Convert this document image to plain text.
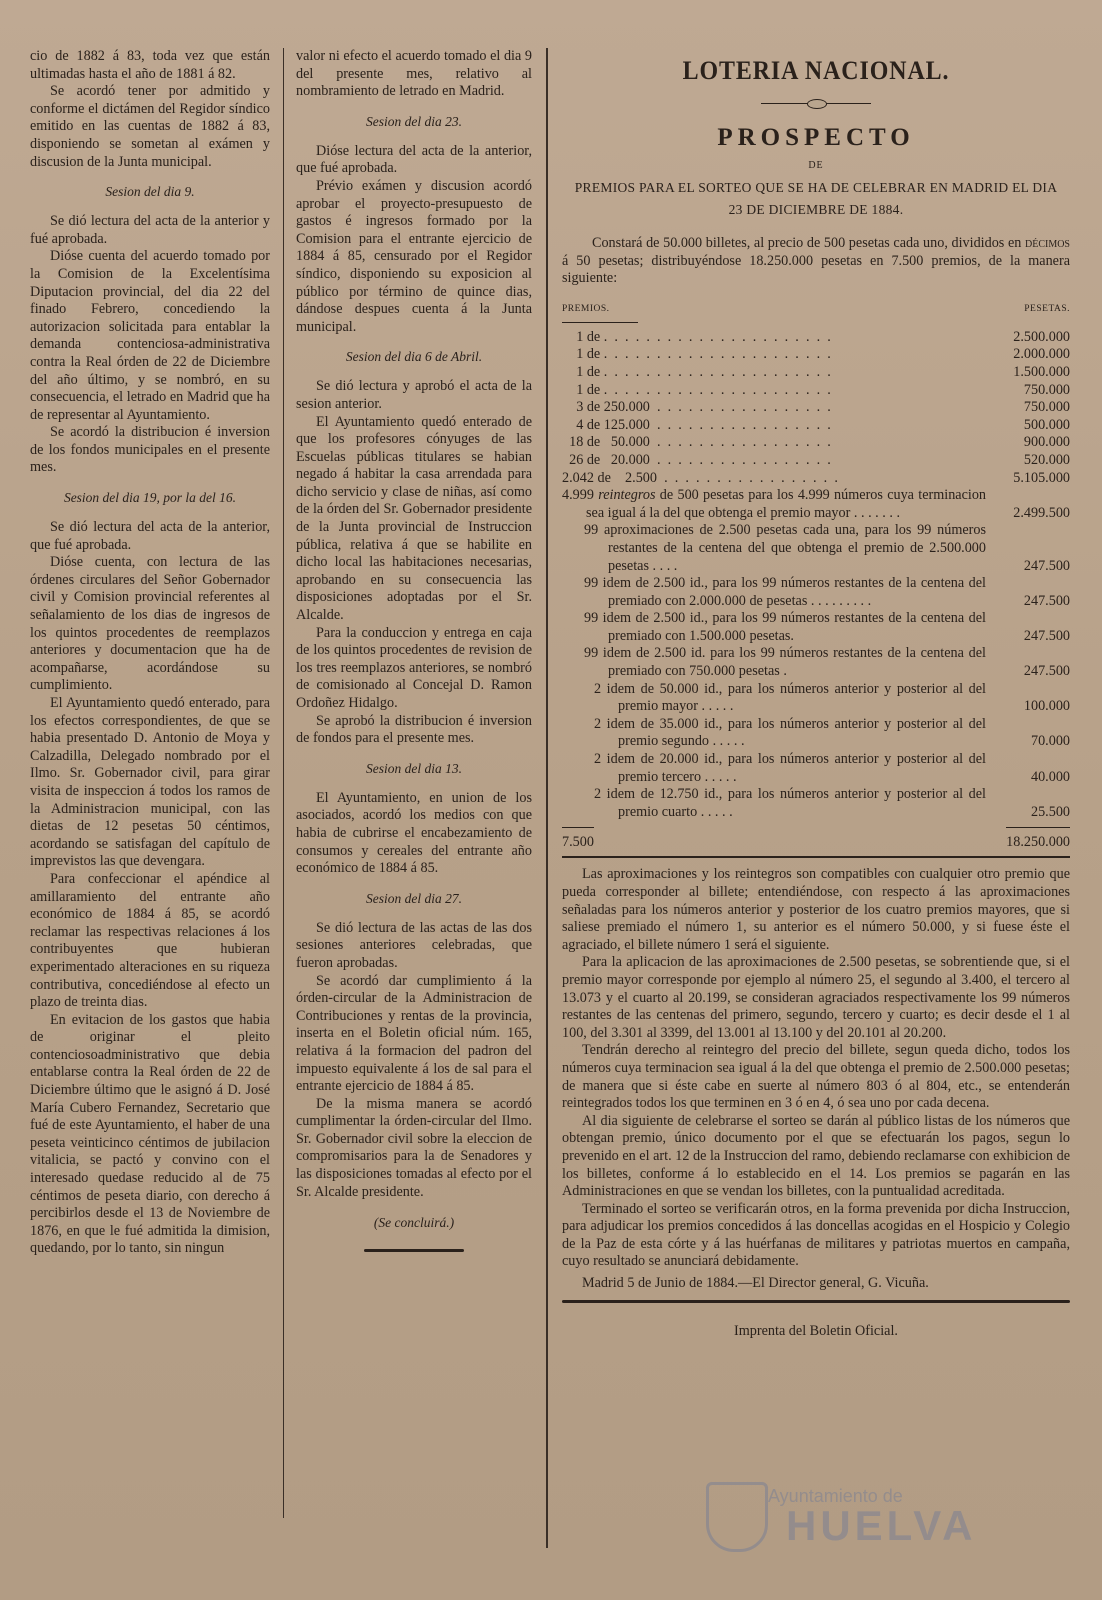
cio de 1882 á 83, toda vez que están ultimadas hasta el año de 1881 á 82.

Se acordó tener por admitido y conforme el dictámen del Regidor síndico emitido en las cuentas de 1882 á 83, disponiendo se sometan al exámen y discusion de la Junta municipal.

Sesion del dia 9.

Se dió lectura del acta de la anterior y fué aprobada.

Dióse cuenta del acuerdo tomado por la Comision de la Excelentísima Diputacion provincial, del dia 22 del finado Febrero, concediendo la autorizacion solicitada para entablar la demanda contenciosa-administrativa contra la Real órden de 22 de Diciembre del año último, y se nombró, en su consecuencia, el letrado en Madrid que ha de representar al Ayuntamiento.

Se acordó la distribucion é inversion de los fondos municipales en el presente mes.

Sesion del dia 19, por la del 16.

Se dió lectura del acta de la anterior, que fué aprobada.

Dióse cuenta, con lectura de las órdenes circulares del Señor Gobernador civil y Comision provincial referentes al señalamiento de los dias de ingresos de los quintos procedentes de reemplazos anteriores y documentacion que ha de acompañarse, acordándose su cumplimiento.

El Ayuntamiento quedó enterado, para los efectos correspondientes, de que se habia presentado D. Antonio de Moya y Calzadilla, Delegado nombrado por el Ilmo. Sr. Gobernador civil, para girar visita de inspeccion á todos los ramos de la Administracion municipal, con las dietas de 12 pesetas 50 céntimos, acordando se satisfagan del capítulo de imprevistos las que devengara.

Para confeccionar el apéndice al amillaramiento del entrante año económico de 1884 á 85, se acordó reclamar las respectivas relaciones á los contribuyentes que hubieran experimentado alteraciones en su riqueza contributiva, concediéndose al efecto un plazo de treinta dias.

En evitacion de los gastos que habia de originar el pleito contenciosoadministrativo que debia entablarse contra la Real órden de 22 de Diciembre último que le asignó á D. José María Cubero Fernandez, Secretario que fué de este Ayuntamiento, el haber de una peseta veinticinco céntimos de jubilacion vitalicia, se pactó y convino con el interesado quedase reducido al de 75 céntimos de peseta diario, con derecho á percibirlos desde el 13 de Noviembre de 1876, en que le fué admitida la dimision, quedando, por lo tanto, sin ningun

valor ni efecto el acuerdo tomado el dia 9 del presente mes, relativo al nombramiento de letrado en Madrid.

Sesion del dia 23.

Dióse lectura del acta de la anterior, que fué aprobada.

Prévio exámen y discusion acordó aprobar el proyecto-presupuesto de gastos é ingresos formado por la Comision para el entrante ejercicio de 1884 á 85, censurado por el Regidor síndico, disponiendo su exposicion al público por término de quince dias, dándose despues cuenta á la Junta municipal.

Sesion del dia 6 de Abril.

Se dió lectura y aprobó el acta de la sesion anterior.

El Ayuntamiento quedó enterado de que los profesores cónyuges de las Escuelas públicas titulares se habian negado á habitar la casa arrendada para dicho servicio y clase de niñas, así como de la órden del Sr. Gobernador presidente de la Junta provincial de Instruccion pública, relativa á que se habilite en dicho local las habitaciones necesarias, aprobando en su consecuencia las disposiciones adoptadas por el Sr. Alcalde.

Para la conduccion y entrega en caja de los quintos procedentes de revision de los tres reemplazos anteriores, se nombró de comisionado al Concejal D. Ramon Ordoñez Hidalgo.

Se aprobó la distribucion é inversion de fondos para el presente mes.

Sesion del dia 13.

El Ayuntamiento, en union de los asociados, acordó los medios con que habia de cubrirse el encabezamiento de consumos y cereales del entrante año económico de 1884 á 85.

Sesion del dia 27.

Se dió lectura de las actas de las dos sesiones anteriores celebradas, que fueron aprobadas.

Se acordó dar cumplimiento á la órden-circular de la Administracion de Contribuciones y rentas de la provincia, inserta en el Boletin oficial núm. 165, relativa á la formacion del padron del impuesto equivalente á los de sal para el entrante ejercicio de 1884 á 85.

De la misma manera se acordó cumplimentar la órden-circular del Ilmo. Sr. Gobernador civil sobre la eleccion de compromisarios para la de Senadores y las disposiciones tomadas al efecto por el Sr. Alcalde presidente.

(Se concluirá.)
LOTERIA NACIONAL.
PROSPECTO
DE
PREMIOS PARA EL SORTEO QUE SE HA DE CELEBRAR EN MADRID EL DIA
23 DE DICIEMBRE DE 1884.
Constará de 50.000 billetes, al precio de 500 pesetas cada uno, divididos en décimos á 50 pesetas; distribuyéndose 18.250.000 pesetas en 7.500 premios, de la manera siguiente:
PREMIOS.	PESETAS.
1 de .  .  .  .  .  .  .  .  .  .  .  .  .  .  .  .  .  .  .  .  .  .	2.500.000
1 de .  .  .  .  .  .  .  .  .  .  .  .  .  .  .  .  .  .  .  .  .  .	2.000.000
1 de .  .  .  .  .  .  .  .  .  .  .  .  .  .  .  .  .  .  .  .  .  .	1.500.000
1 de .  .  .  .  .  .  .  .  .  .  .  .  .  .  .  .  .  .  .  .  .  .	750.000
3 de 250.000  .  .  .  .  .  .  .  .  .  .  .  .  .  .  .  .  .	750.000
4 de 125.000  .  .  .  .  .  .  .  .  .  .  .  .  .  .  .  .  .	500.000
18 de   50.000  .  .  .  .  .  .  .  .  .  .  .  .  .  .  .  .  .	900.000
26 de   20.000  .  .  .  .  .  .  .  .  .  .  .  .  .  .  .  .  .	520.000
2.042 de    2.500  .  .  .  .  .  .  .  .  .  .  .  .  .  .  .  .  .	5.105.000
4.999 reintegros de 500 pesetas para los 4.999 números cuya terminacion sea igual á la del que obtenga el premio mayor . . . . . . .	2.499.500
99 aproximaciones de 2.500 pesetas cada una, para los 99 números restantes de la centena del que obtenga el premio de 2.500.000 pesetas . . . .	247.500
99 idem de 2.500 id., para los 99 números restantes de la centena del premiado con 2.000.000 de pesetas . . . . . . . . .	247.500
99 idem de 2.500 id., para los 99 números restantes de la centena del premiado con 1.500.000 pesetas.	247.500
99 idem de 2.500 id. para los 99 números restantes de la centena del premiado con 750.000 pesetas .	247.500
2 idem de 50.000 id., para los números anterior y posterior al del premio mayor . . . . .	100.000
2 idem de 35.000 id., para los números anterior y posterior al del premio segundo . . . . .	70.000
2 idem de 20.000 id., para los números anterior y posterior al del premio tercero . . . . .	40.000
2 idem de 12.750 id., para los números anterior y posterior al del premio cuarto . . . . .	25.500
7.500	18.250.000

Las aproximaciones y los reintegros son compatibles con cualquier otro premio que pueda corresponder al billete; entendiéndose, con respecto á las aproximaciones señaladas para los números anterior y posterior de los cuatro premios mayores, que si saliese premiado el número 1, su anterior es el número 50.000, y si fuese éste el agraciado, el billete número 1 será el siguiente.

Para la aplicacion de las aproximaciones de 2.500 pesetas, se sobrentiende que, si el premio mayor corresponde por ejemplo al número 25, el segundo al 3.400, el tercero al 13.073 y el cuarto al 20.199, se consideran agraciados respectivamente los 99 números restantes de las centenas del primero, segundo, tercero y cuarto; es decir desde el 1 al 100, del 3.301 al 3399, del 13.001 al 13.100 y del 20.101 al 20.200.

Tendrán derecho al reintegro del precio del billete, segun queda dicho, todos los números cuya terminacion sea igual á la del que obtenga el premio de 2.500.000 pesetas; de manera que si éste cabe en suerte al número 803 ó al 804, etc., se entenderán reintegrados todos los que terminen en 3 ó en 4, ó sea uno por cada decena.

Al dia siguiente de celebrarse el sorteo se darán al público listas de los números que obtengan premio, único documento por el que se efectuarán los pagos, segun lo prevenido en el art. 12 de la Instruccion del ramo, debiendo reclamarse con exhibicion de los billetes, conforme á lo establecido en el 14. Los premios se pagarán en las Administraciones en que se vendan los billetes, con la puntualidad acreditada.

Terminado el sorteo se verificarán otros, en la forma prevenida por dicha Instruccion, para adjudicar los premios concedidos á las doncellas acogidas en el Hospicio y Colegio de la Paz de esta córte y á las huérfanas de militares y patriotas muertos en campaña, cuyo resultado se anunciará debidamente.

Madrid 5 de Junio de 1884.—El Director general, G. Vicuña.

Imprenta del Boletin Oficial.
Ayuntamiento de
HUELVA
